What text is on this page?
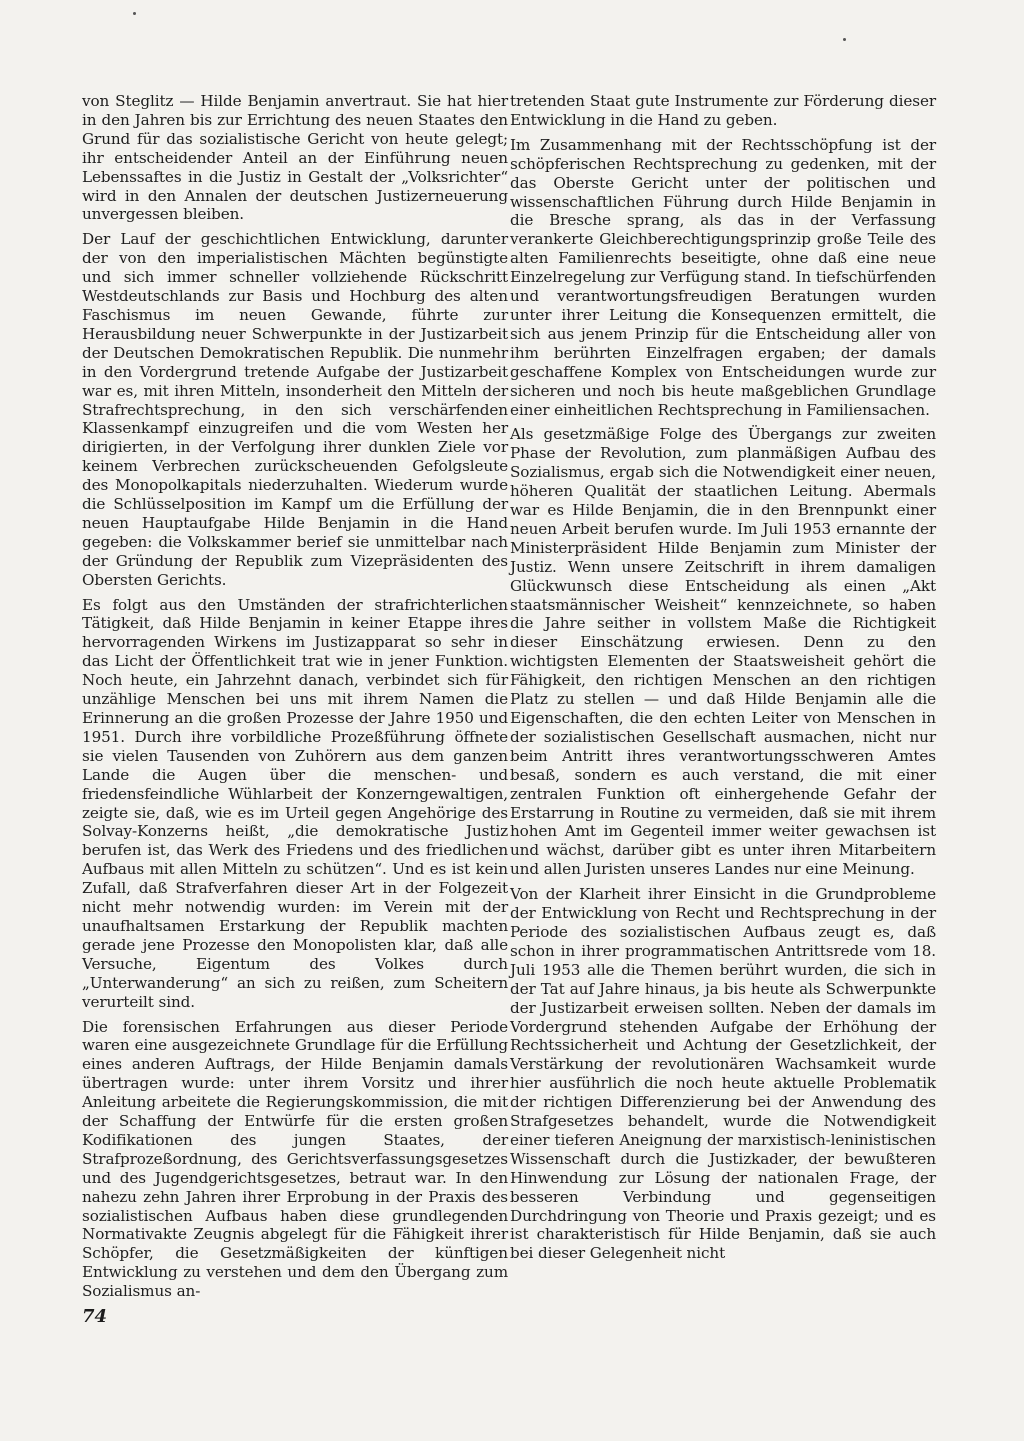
von Steglitz — Hilde Benjamin anvertraut. Sie hat hier in den Jahren bis zur Errichtung des neuen Staates den Grund für das sozialistische Gericht von heute gelegt; ihr entscheidender Anteil an der Einführung neuen Lebenssaftes in die Justiz in Gestalt der „Volksrichter“ wird in den Annalen der deutschen Justizerneuerung unvergessen bleiben.

Der Lauf der geschichtlichen Entwicklung, darunter der von den imperialistischen Mächten begünstigte und sich immer schneller vollziehende Rückschritt Westdeutschlands zur Basis und Hochburg des alten Faschismus im neuen Gewande, führte zur Herausbildung neuer Schwerpunkte in der Justizarbeit der Deutschen Demokratischen Republik. Die nunmehr in den Vordergrund tretende Aufgabe der Justizarbeit war es, mit ihren Mitteln, insonderheit den Mitteln der Strafrechtsprechung, in den sich verschärfenden Klassenkampf einzugreifen und die vom Westen her dirigierten, in der Verfolgung ihrer dunklen Ziele vor keinem Verbrechen zurückscheuenden Gefolgsleute des Monopolkapitals niederzuhalten. Wiederum wurde die Schlüsselposition im Kampf um die Erfüllung der neuen Hauptaufgabe Hilde Benjamin in die Hand gegeben: die Volkskammer berief sie unmittelbar nach der Gründung der Republik zum Vizepräsidenten des Obersten Gerichts.

Es folgt aus den Umständen der strafrichterlichen Tätigkeit, daß Hilde Benjamin in keiner Etappe ihres hervorragenden Wirkens im Justizapparat so sehr in das Licht der Öffentlichkeit trat wie in jener Funktion. Noch heute, ein Jahrzehnt danach, verbindet sich für unzählige Menschen bei uns mit ihrem Namen die Erinnerung an die großen Prozesse der Jahre 1950 und 1951. Durch ihre vorbildliche Prozeßführung öffnete sie vielen Tausenden von Zuhörern aus dem ganzen Lande die Augen über die menschen- und friedensfeindliche Wühlarbeit der Konzerngewaltigen, zeigte sie, daß, wie es im Urteil gegen Angehörige des Solvay-Konzerns heißt, „die demokratische Justiz berufen ist, das Werk des Friedens und des friedlichen Aufbaus mit allen Mitteln zu schützen“. Und es ist kein Zufall, daß Strafverfahren dieser Art in der Folgezeit nicht mehr notwendig wurden: im Verein mit der unaufhaltsamen Erstarkung der Republik machten gerade jene Prozesse den Monopolisten klar, daß alle Versuche, Eigentum des Volkes durch „Unterwanderung“ an sich zu reißen, zum Scheitern verurteilt sind.

Die forensischen Erfahrungen aus dieser Periode waren eine ausgezeichnete Grundlage für die Erfüllung eines anderen Auftrags, der Hilde Benjamin damals übertragen wurde: unter ihrem Vorsitz und ihrer Anleitung arbeitete die Regierungskommission, die mit der Schaffung der Entwürfe für die ersten großen Kodifikationen des jungen Staates, der Strafprozeßordnung, des Gerichtsverfassungsgesetzes und des Jugendgerichtsgesetzes, betraut war. In den nahezu zehn Jahren ihrer Erprobung in der Praxis des sozialistischen Aufbaus haben diese grundlegenden Normativakte Zeugnis abgelegt für die Fähigkeit ihrer Schöpfer, die Gesetzmäßigkeiten der künftigen Entwicklung zu verstehen und dem den Übergang zum Sozialismus an-

tretenden Staat gute Instrumente zur Förderung dieser Entwicklung in die Hand zu geben.

Im Zusammenhang mit der Rechtsschöpfung ist der schöpferischen Rechtsprechung zu gedenken, mit der das Oberste Gericht unter der politischen und wissenschaftlichen Führung durch Hilde Benjamin in die Bresche sprang, als das in der Verfassung verankerte Gleichberechtigungsprinzip große Teile des alten Familienrechts beseitigte, ohne daß eine neue Einzelregelung zur Verfügung stand. In tiefschürfenden und verantwortungsfreudigen Beratungen wurden unter ihrer Leitung die Konsequenzen ermittelt, die sich aus jenem Prinzip für die Entscheidung aller von ihm berührten Einzelfragen ergaben; der damals geschaffene Komplex von Entscheidungen wurde zur sicheren und noch bis heute maßgeblichen Grundlage einer einheitlichen Rechtsprechung in Familiensachen.

Als gesetzmäßige Folge des Übergangs zur zweiten Phase der Revolution, zum planmäßigen Aufbau des Sozialismus, ergab sich die Notwendigkeit einer neuen, höheren Qualität der staatlichen Leitung. Abermals war es Hilde Benjamin, die in den Brennpunkt einer neuen Arbeit berufen wurde. Im Juli 1953 ernannte der Ministerpräsident Hilde Benjamin zum Minister der Justiz. Wenn unsere Zeitschrift in ihrem damaligen Glückwunsch diese Entscheidung als einen „Akt staatsmännischer Weisheit“ kennzeichnete, so haben die Jahre seither in vollstem Maße die Richtigkeit dieser Einschätzung erwiesen. Denn zu den wichtigsten Elementen der Staatsweisheit gehört die Fähigkeit, den richtigen Menschen an den richtigen Platz zu stellen — und daß Hilde Benjamin alle die Eigenschaften, die den echten Leiter von Menschen in der sozialistischen Gesellschaft ausmachen, nicht nur beim Antritt ihres verantwortungsschweren Amtes besaß, sondern es auch verstand, die mit einer zentralen Funktion oft einhergehende Gefahr der Erstarrung in Routine zu vermeiden, daß sie mit ihrem hohen Amt im Gegenteil immer weiter gewachsen ist und wächst, darüber gibt es unter ihren Mitarbeitern und allen Juristen unseres Landes nur eine Meinung.

Von der Klarheit ihrer Einsicht in die Grundprobleme der Entwicklung von Recht und Rechtsprechung in der Periode des sozialistischen Aufbaus zeugt es, daß schon in ihrer programmatischen Antrittsrede vom 18. Juli 1953 alle die Themen berührt wurden, die sich in der Tat auf Jahre hinaus, ja bis heute als Schwerpunkte der Justizarbeit erweisen sollten. Neben der damals im Vordergrund stehenden Aufgabe der Erhöhung der Rechtssicherheit und Achtung der Gesetzlichkeit, der Verstärkung der revolutionären Wachsamkeit wurde hier ausführlich die noch heute aktuelle Problematik der richtigen Differenzierung bei der Anwendung des Strafgesetzes behandelt, wurde die Notwendigkeit einer tieferen Aneignung der marxistisch-leninistischen Wissenschaft durch die Justizkader, der bewußteren Hinwendung zur Lösung der nationalen Frage, der besseren Verbindung und gegenseitigen Durchdringung von Theorie und Praxis gezeigt; und es ist charakteristisch für Hilde Benjamin, daß sie auch bei dieser Gelegenheit nicht

74
